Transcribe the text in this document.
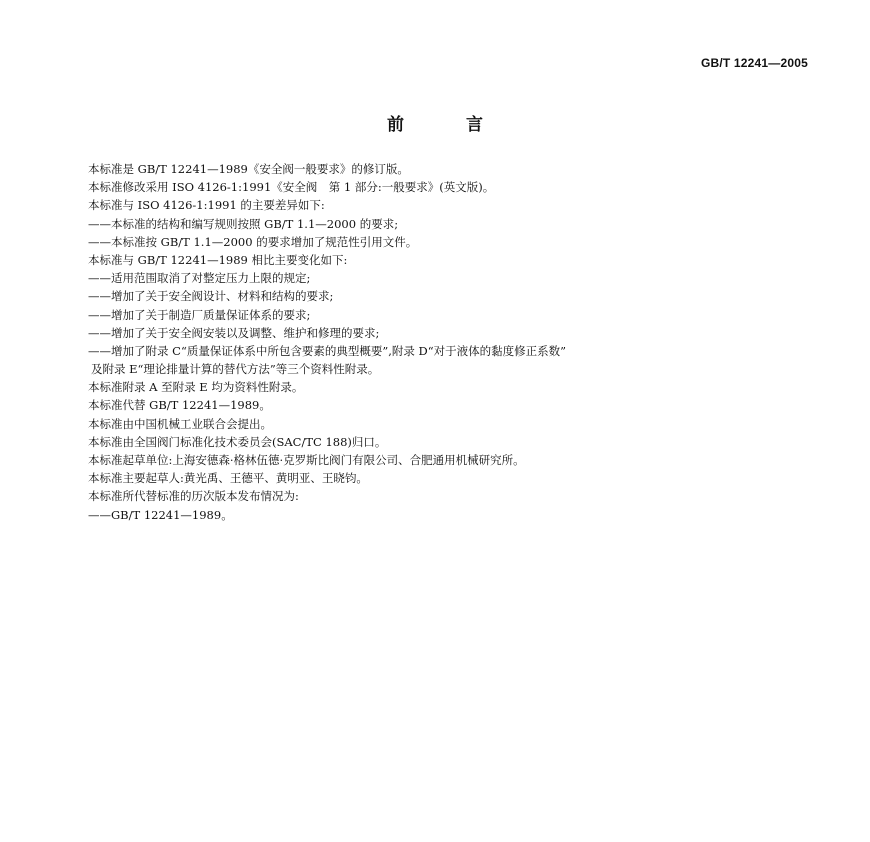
GB/T 12241—2005
前 言
本标准是 GB/T 12241—1989《安全阀一般要求》的修订版。
本标准修改采用 ISO 4126-1:1991《安全阀　第 1 部分:一般要求》(英文版)。
本标准与 ISO 4126-1:1991 的主要差异如下:
——本标准的结构和编写规则按照 GB/T 1.1—2000 的要求;
——本标准按 GB/T 1.1—2000 的要求增加了规范性引用文件。
本标准与 GB/T 12241—1989 相比主要变化如下:
——适用范围取消了对整定压力上限的规定;
——增加了关于安全阀设计、材料和结构的要求;
——增加了关于制造厂质量保证体系的要求;
——增加了关于安全阀安装以及调整、维护和修理的要求;
——增加了附录 C“质量保证体系中所包含要素的典型概要”,附录 D“对于液体的黏度修正系数”
及附录 E“理论排量计算的替代方法”等三个资料性附录。
本标准附录 A 至附录 E 均为资料性附录。
本标准代替 GB/T 12241—1989。
本标准由中国机械工业联合会提出。
本标准由全国阀门标准化技术委员会(SAC/TC 188)归口。
本标准起草单位:上海安德森·格林伍德·克罗斯比阀门有限公司、合肥通用机械研究所。
本标准主要起草人:黄光禹、王德平、黄明亚、王晓钧。
本标准所代替标准的历次版本发布情况为:
——GB/T 12241—1989。
